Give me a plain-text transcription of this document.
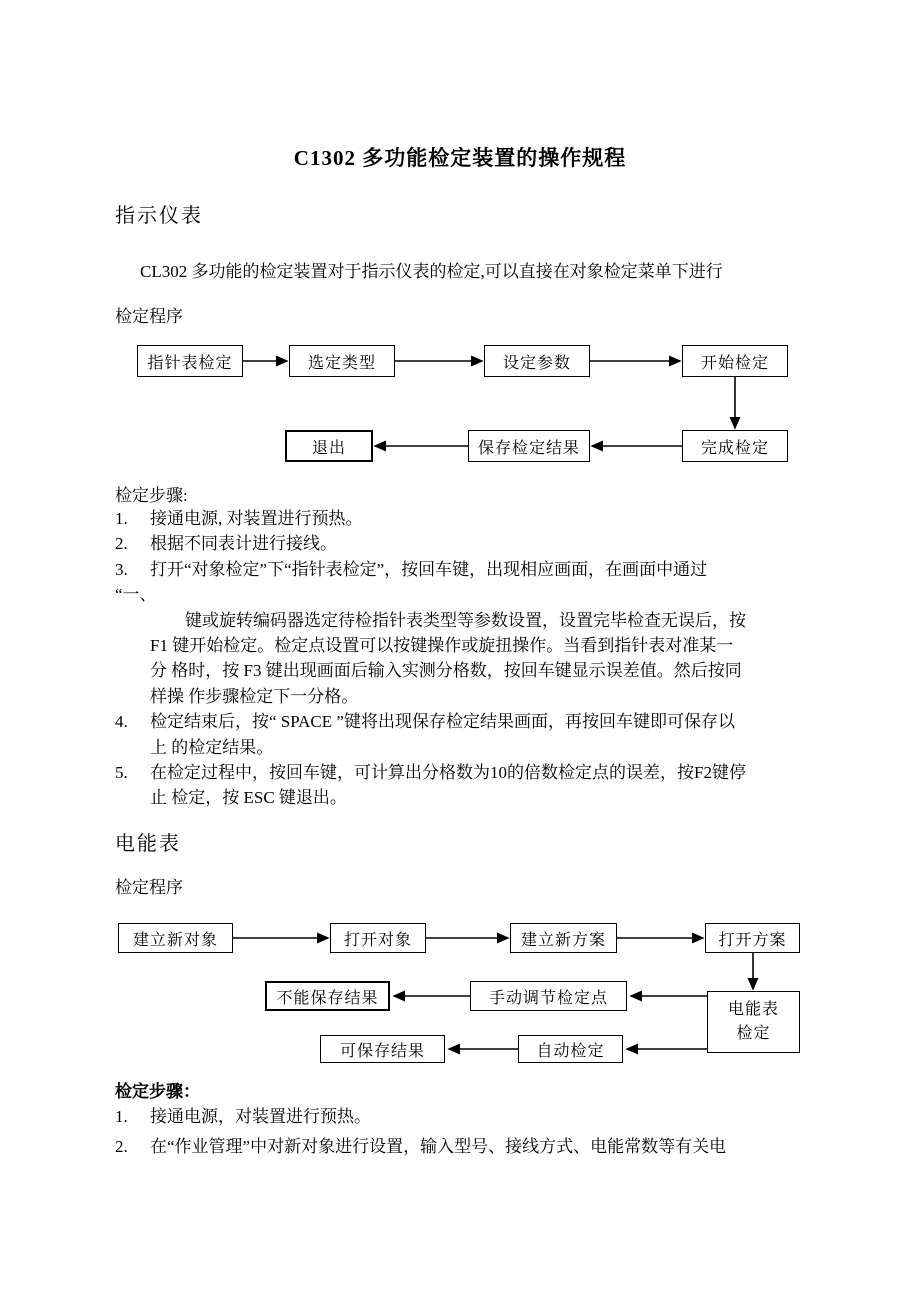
C1302 多功能检定装置的操作规程
指示仪表
CL302 多功能的检定装置对于指示仪表的检定,可以直接在对象检定菜单下进行
检定程序
指针表检定	选定类型	设定参数	开始检定
完成检定
保存检定结果
退出
检定步骤:
1. 接通电源, 对装置进行预热。
2. 根据不同表计进行接线。
3. 打开“对象检定”下“指针表检定”，按回车键，出现相应画面，在画面中通过
“一、
键或旋转编码器选定待检指针表类型等参数设置，设置完毕检查无误后，按
F1 键开始检定。检定点设置可以按键操作或旋扭操作。当看到指针表对准某一
分 格时，按 F3 键出现画面后输入实测分格数，按回车键显示误差值。然后按同
样操 作步骤检定下一分格。
4. 检定结束后，按“ SPACE ”键将出现保存检定结果画面，再按回车键即可保存以
上 的检定结果。
5. 在检定过程中，按回车键，可计算出分格数为10的倍数检定点的误差，按F2键停
止 检定，按 ESC 键退出。
电能表
检定程序
建立新对象	打开对象	建立新方案	打开方案
电能表
检定
不能保存结果	手动调节检定点
可保存结果	自动检定
检定步骤：
1. 接通电源，对装置进行预热。
2. 在“作业管理”中对新对象进行设置，输入型号、接线方式、电能常数等有关电
